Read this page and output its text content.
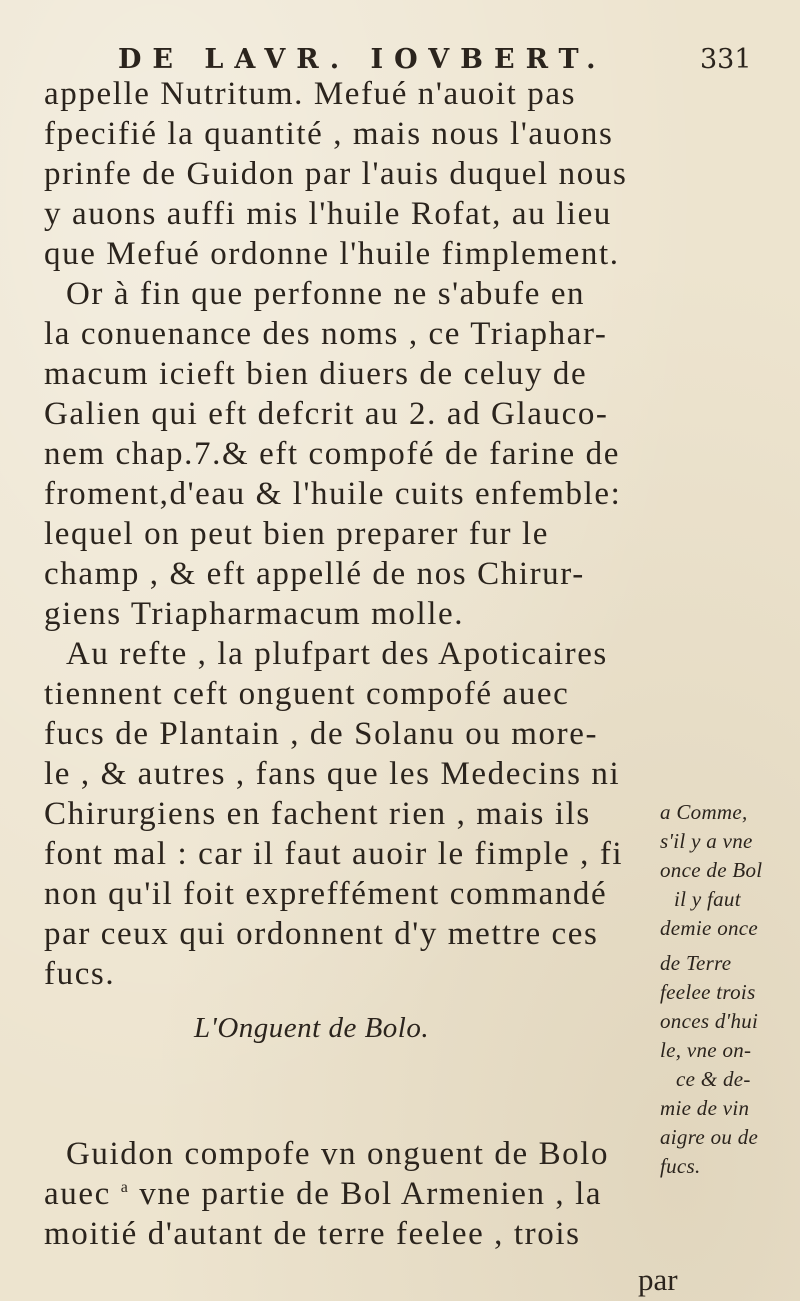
DE LAVR. IOVBERT.	331
appelle Nutritum. Mefué n'auoit pas
fpecifié la quantité , mais nous l'auons
prinfe de Guidon par l'auis duquel nous
y auons auffi mis l'huile Rofat, au lieu
que Mefué ordonne l'huile fimplement.
Or à fin que perfonne ne s'abufe en
la conuenance des noms , ce Triaphar-
macum icieft bien diuers de celuy de
Galien qui eft defcrit au 2. ad Glauco-
nem chap.7.& eft compofé de farine de
froment,d'eau & l'huile cuits enfemble:
lequel on peut bien preparer fur le
champ , & eft appellé de nos Chirur-
giens Triapharmacum molle.
Au refte , la plufpart des Apoticaires
tiennent ceft onguent compofé auec
fucs de Plantain , de Solanu ou more-
le , & autres , fans que les Medecins ni
Chirurgiens en fachent rien , mais ils
font mal : car il faut auoir le fimple , fi
non qu'il foit expreffément commandé
par ceux qui ordonnent d'y mettre ces
fucs.
L'Onguent de Bolo.
Guidon compofe vn onguent de Bolo
auec $^a$ vne partie de Bol Armenien , la
moitié d'autant de terre feelee , trois
par
a Comme,
s'il y a vne
once de Bol
il y faut
demie once
de Terre
feelee trois
onces d'hui
le, vne on-
ce & de-
mie de vin
aigre ou de
fucs.
